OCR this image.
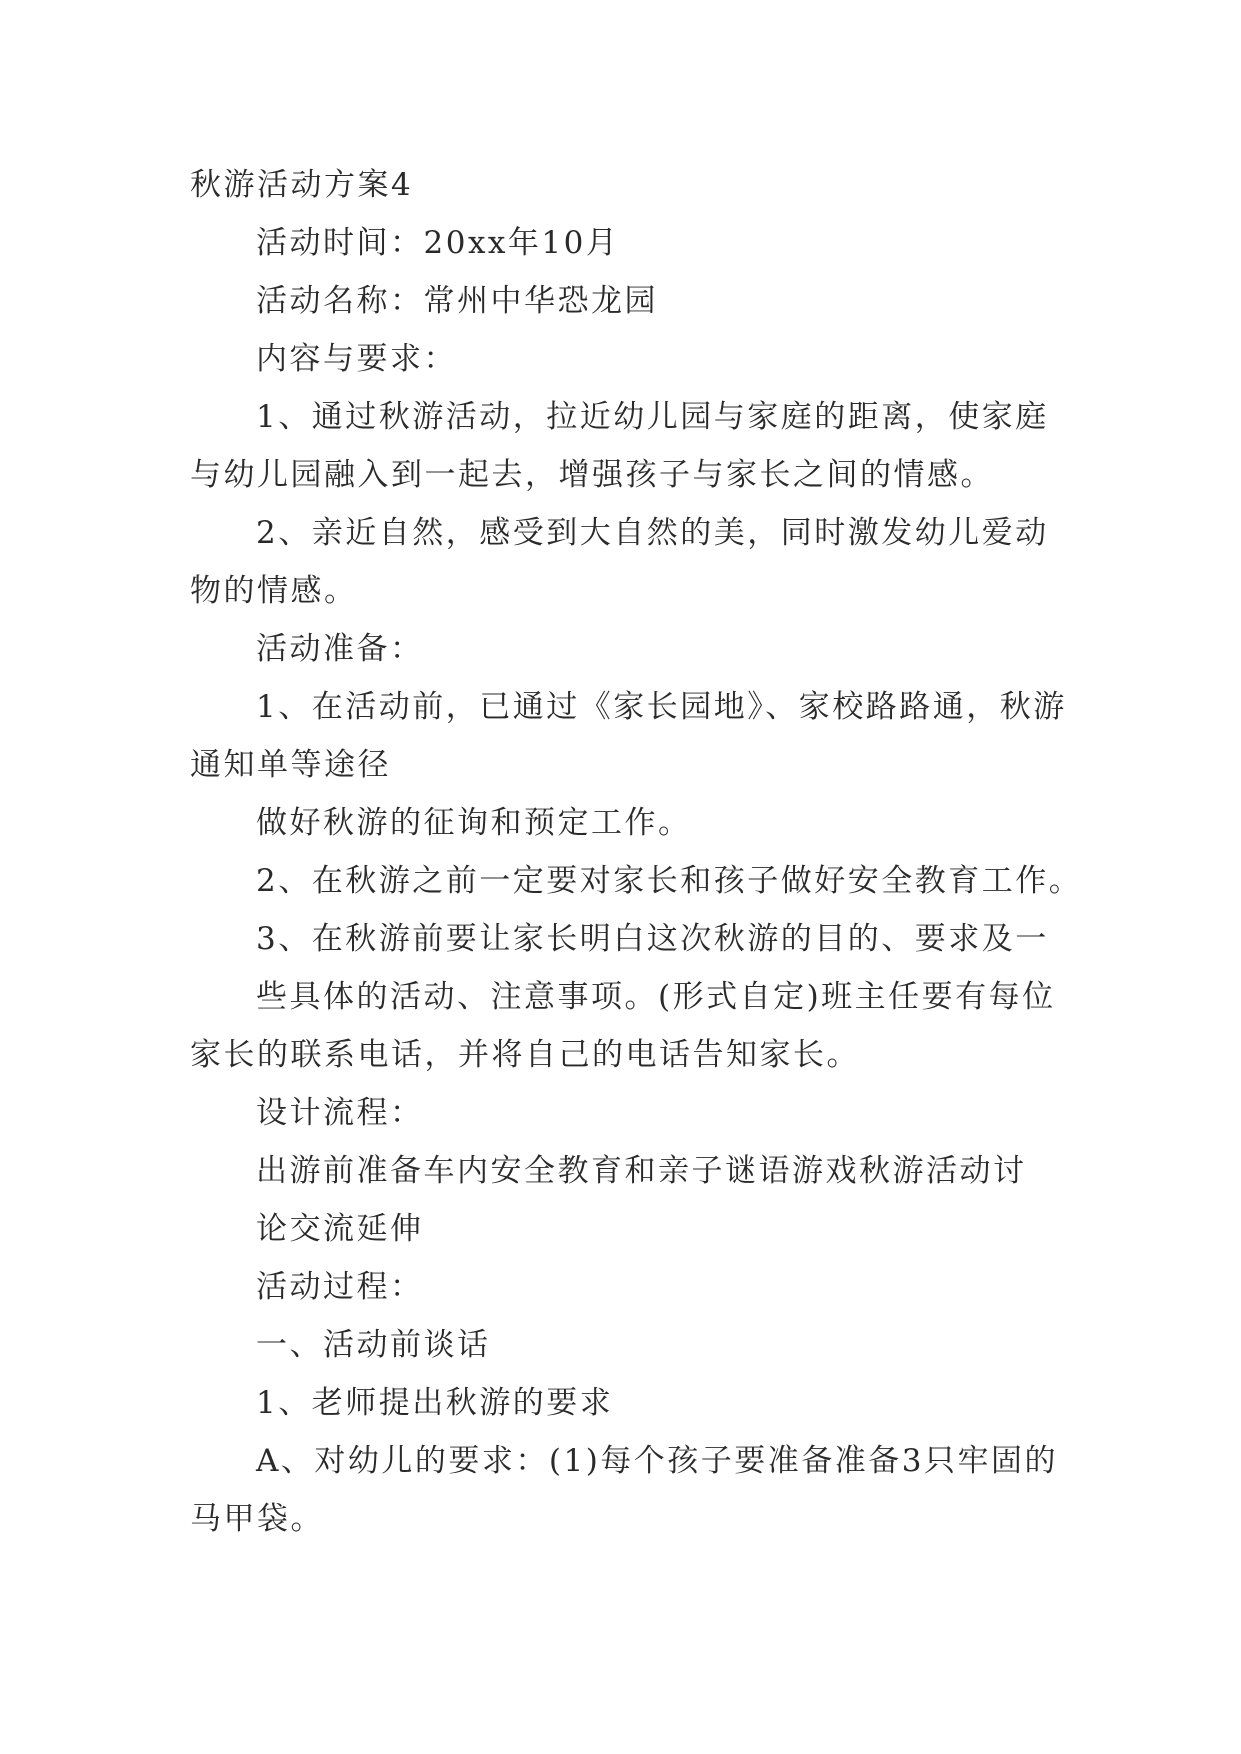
秋游活动方案4

活动时间：20xx年10月

活动名称：常州中华恐龙园

内容与要求：

1、通过秋游活动，拉近幼儿园与家庭的距离，使家庭

与幼儿园融入到一起去，增强孩子与家长之间的情感。

2、亲近自然，感受到大自然的美，同时激发幼儿爱动

物的情感。

活动准备：

1、在活动前，已通过《家长园地》、家校路路通，秋游

通知单等途径

做好秋游的征询和预定工作。

2、在秋游之前一定要对家长和孩子做好安全教育工作。

3、在秋游前要让家长明白这次秋游的目的、要求及一

些具体的活动、注意事项。(形式自定)班主任要有每位

家长的联系电话，并将自己的电话告知家长。

设计流程：

出游前准备车内安全教育和亲子谜语游戏秋游活动讨

论交流延伸

活动过程：

一、活动前谈话

1、老师提出秋游的要求

A、对幼儿的要求：(1)每个孩子要准备准备3只牢固的

马甲袋。
